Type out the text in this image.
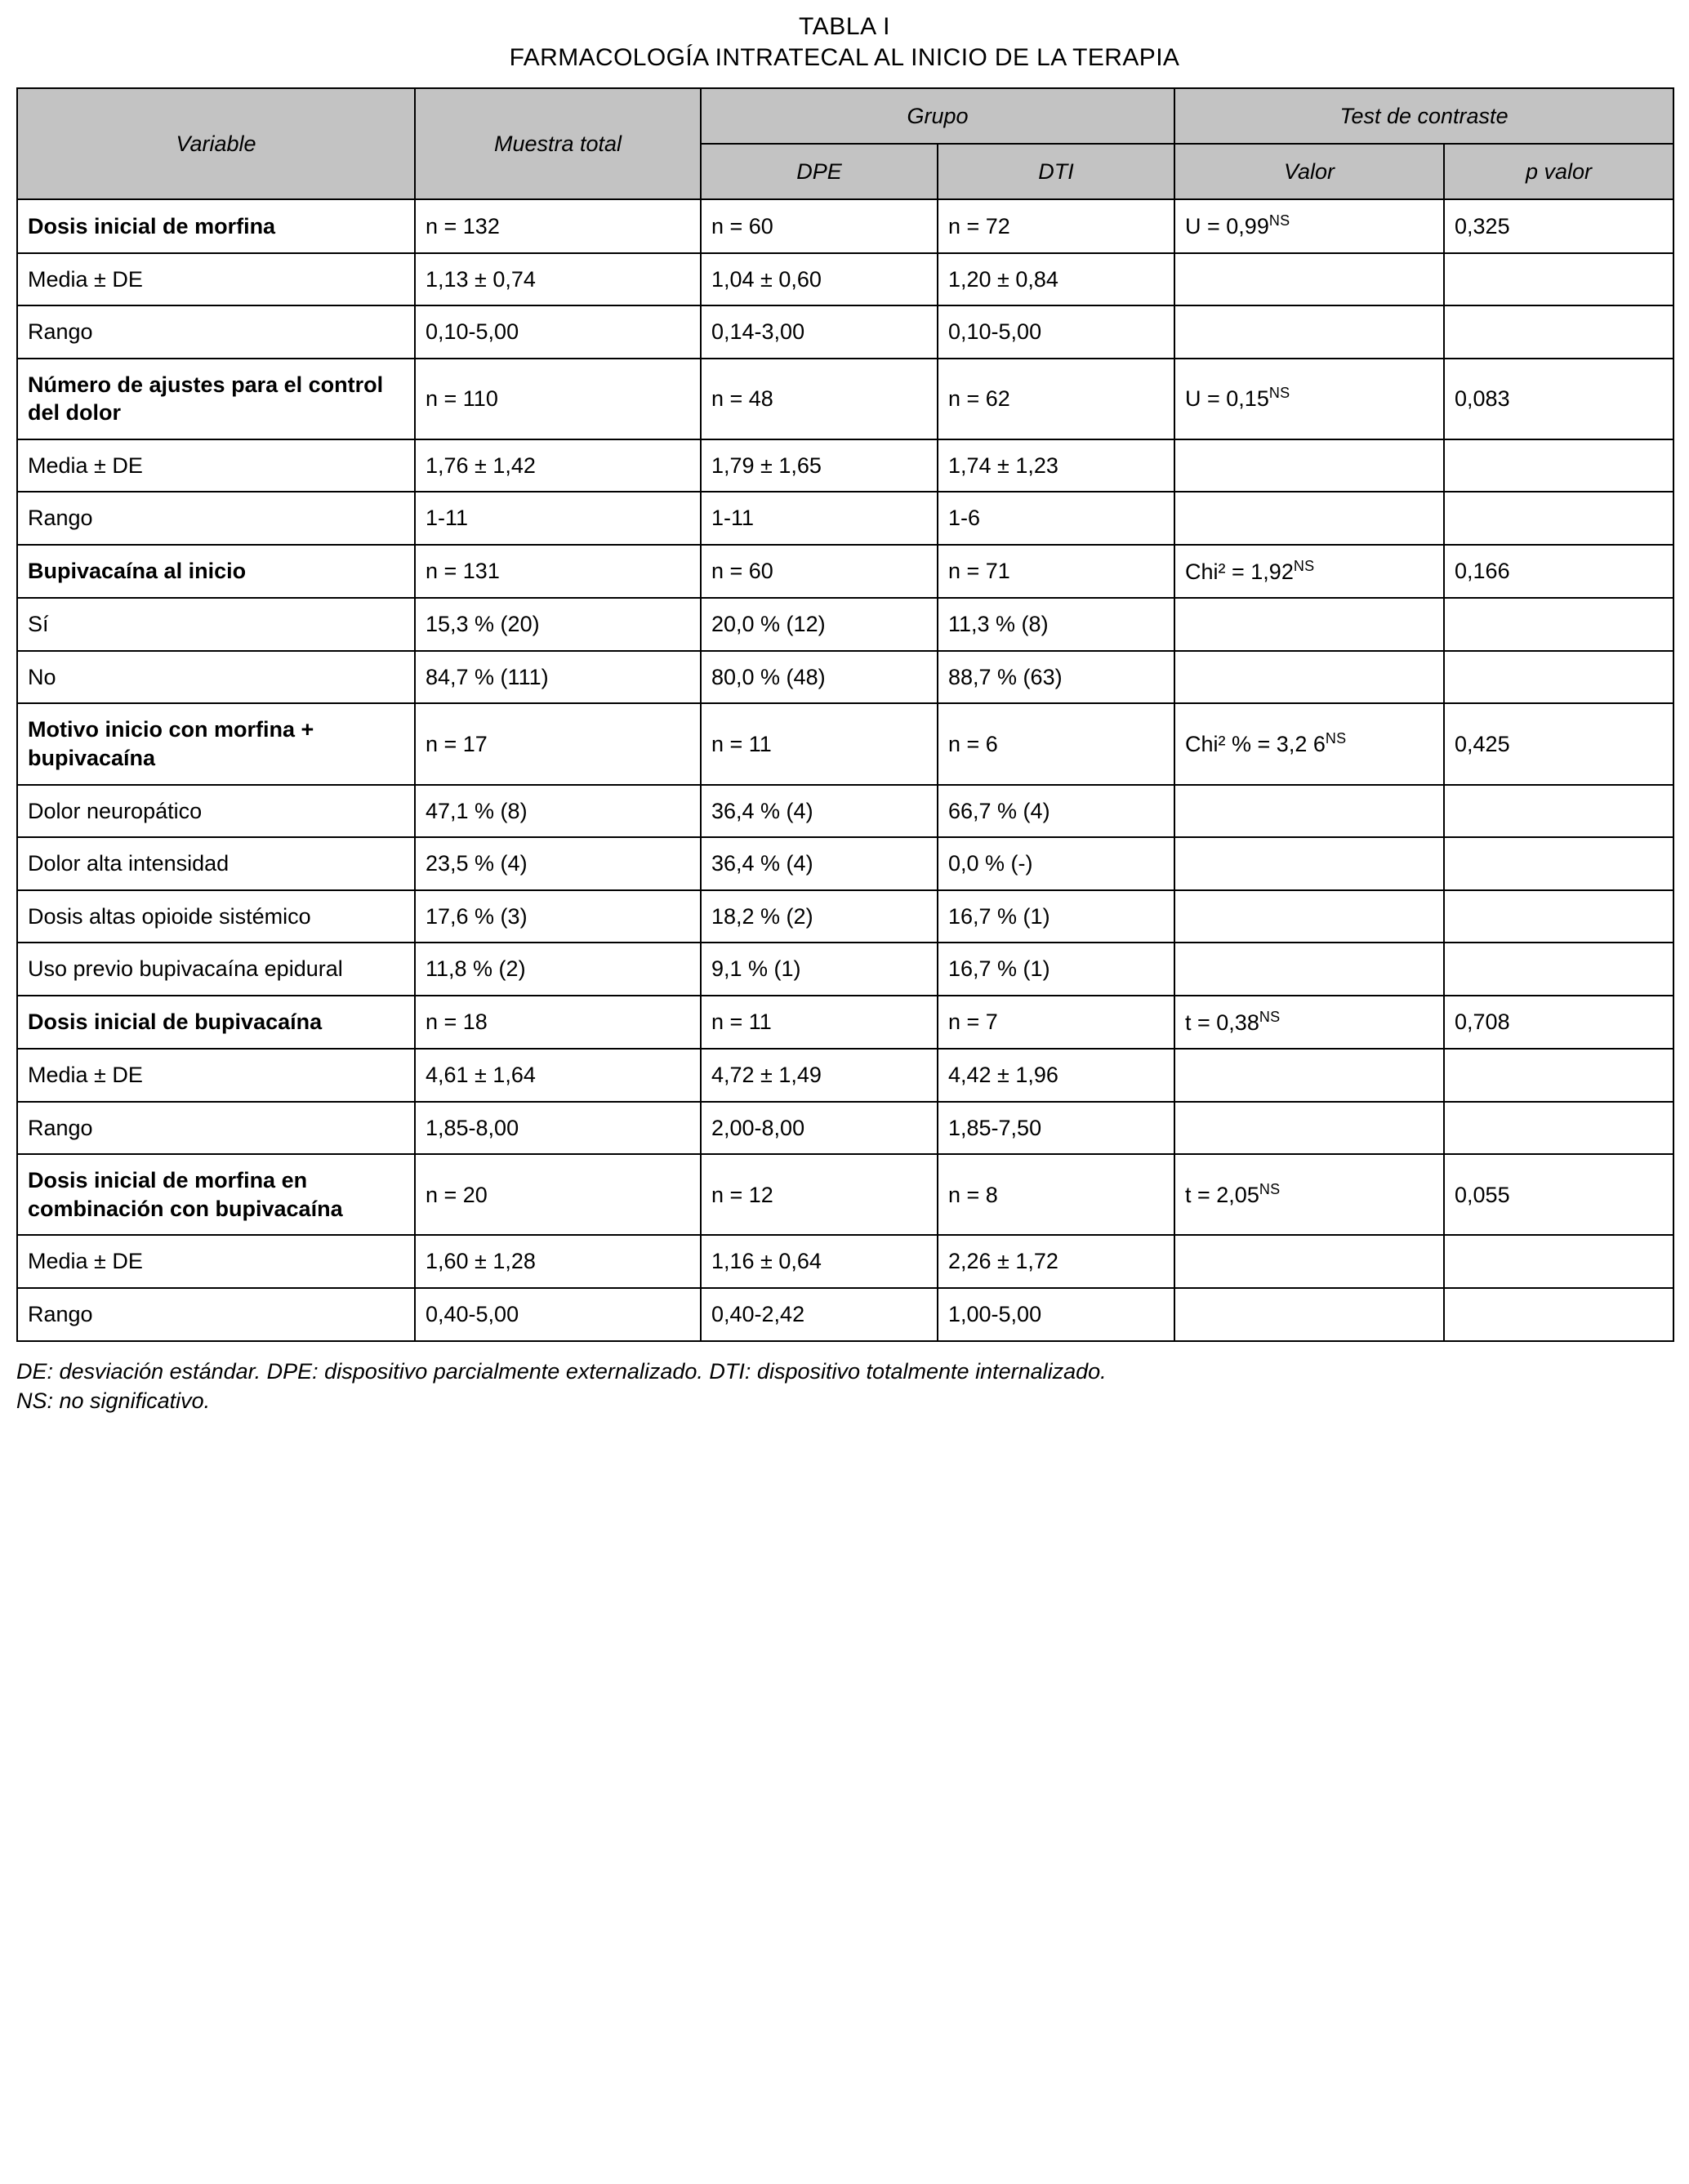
TABLA I
FARMACOLOGÍA INTRATECAL AL INICIO DE LA TERAPIA
Variable	Muestra total	Grupo		Test de contraste	
		DPE	DTI	Valor	p valor
Dosis inicial de morfina	n = 132	n = 60	n = 72	$U = 0,99^{NS}$	0,325
Media ± DE	1,13 ± 0,74	1,04 ± 0,60	1,20 ± 0,84		
Rango	0,10-5,00	0,14-3,00	0,10-5,00		
Número de ajustes para el control del dolor	n = 110	n = 48	n = 62	$U = 0,15^{NS}$	0,083
Media ± DE	1,76 ± 1,42	1,79 ± 1,65	1,74 ± 1,23		
Rango	1-11	1-11	1-6		
Bupivacaína al inicio	n = 131	n = 60	n = 71	$Chi^2 = 1,92^{NS}$	0,166
Sí	15,3 % (20)	20,0 % (12)	11,3 % (8)		
No	84,7 % (111)	80,0 % (48)	88,7 % (63)		
Motivo inicio con morfina + bupivacaína	n = 17	n = 11	n = 6	Chi² % = 3,2 $6^{NS}$	0,425
Dolor neuropático	47,1 % (8)	36,4 % (4)	66,7 % (4)		
Dolor alta intensidad	23,5 % (4)	36,4 % (4)	0,0 % (-)		
Dosis altas opioide sistémico	17,6 % (3)	18,2 % (2)	16,7 % (1)		
Uso previo bupivacaína epidural	11,8 % (2)	9,1 % (1)	16,7 % (1)		
Dosis inicial de bupivacaína	n = 18	n = 11	n = 7	$t = 0,38^{NS}$	0,708
Media ± DE	4,61 ± 1,64	4,72 ± 1,49	4,42 ± 1,96		
Rango	1,85-8,00	2,00-8,00	1,85-7,50		
Dosis inicial de morfina en combinación con bupivacaína	n = 20	n = 12	n = 8	$t = 2,05^{NS}$	0,055
Media ± DE	1,60 ± 1,28	1,16 ± 0,64	2,26 ± 1,72		
Rango	0,40-5,00	0,40-2,42	1,00-5,00		
DE: desviación estándar. DPE: dispositivo parcialmente externalizado. DTI: dispositivo totalmente internalizado.
NS: no significativo.
